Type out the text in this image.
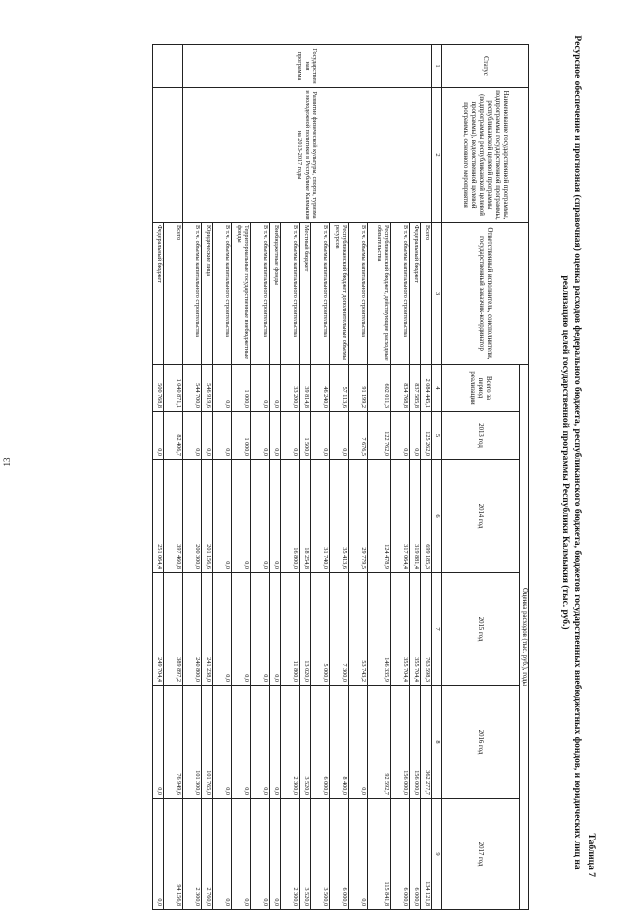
13
Таблица 7
Ресурсное обеспечение и прогнозная (справочная) оценка расходов федерального бюджета, республиканского бюджета, бюджетов государственных внебюджетных фондов, и юридических лиц на реализацию целей государственной программы Республики Калмыкия (тыс. руб.)
Статус	Наименование государственной программы, подпрограммы государственной программы, республиканской целевой программы (подпрограммы республиканской целевой программы), ведомственной целевой программы, основного мероприятия	Ответственный исполнитель, соисполнители, государственный заказчик-координатор	Оценка расходов (тыс. руб.), годы					
			Всего за период реализации	2013 год	2014 год	2015 год	2016 год	2017 год
1	2	3	4	5	6	7	8	9
Государственная программа	Развитие физической культуры, спорта, туризма и молодежной политики в Республике Калмыкия на 2013-2017 годы	Всего	2 084 445,1	125 262,0	699 185,3	763 598,3	362 277,7	134 121,8
		Федеральный бюджет	837 585,8	0,0	319 881,4	355 704,4	156 000,0	6 000,0
		В т.ч. объемы капитального строительства	834 768,8	0,0	317 064,4	355 704,4	156 000,0	6 000,0
		Республиканский бюджет, действующие расходные обязательства	602 011,3	122 762,0	124 478,9	146 335,9	92 592,7	115 841,8
		В т.ч. объемы капитального строительства	91 199,2	7 676,5	29 779,5	53 743,2	0,0	0,0
		Республиканский бюджет дополнительные объемы ресурсов	57 113,6	0,0	35 413,6	7 300,0	8 400,0	6 000,0
		В т.ч. объемы капитального строительства	46 240,0	0,0	31 740,0	5 000,0	6 000,0	3 500,0
		Местный бюджет	39 814,8	1 500,0	18 254,8	13 020,0	3 520,0	3 520,0
		В т.ч. объемы капитального строительства	33 200,0	0,0	16 800,0	11 800,0	2 300,0	2 300,0
		Внебюджетные фонды	0,0	0,0	0,0	0,0	0,0	0,0
		В т.ч. объемы капитального строительства	0,0	0,0	0,0	0,0	0,0	0,0
		Территориальные государственные внебюджетные фонды	1 000,0	1 000,0	0,0	0,0	0,0	0,0
		В т.ч. объемы капитального строительства	0,0	0,0	0,0	0,0	0,0	0,0
		Юридические лица	546 919,6	0,0	201 156,6	241 238,0	101 765,0	2 760,0
		В т.ч. объемы капитального строительства	544 700,0	0,0	200 300,0	240 800,0	101 300,0	2 300,0
		Всего	1 040 871,1	82 406,7	397 460,8	389 897,2	76 949,6	94 156,8
		Федеральный бюджет	500 768,8	0,0	251 064,4	249 704,4	0,0	0,0
